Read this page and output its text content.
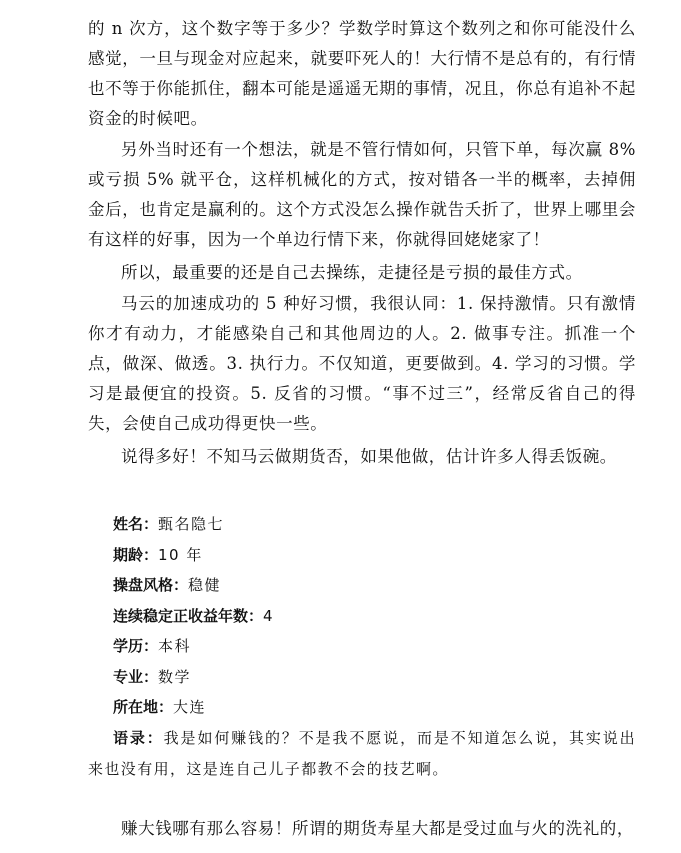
的 n 次方，这个数字等于多少？学数学时算这个数列之和你可能没什么感觉，一旦与现金对应起来，就要吓死人的！大行情不是总有的，有行情也不等于你能抓住，翻本可能是遥遥无期的事情，况且，你总有追补不起资金的时候吧。

另外当时还有一个想法，就是不管行情如何，只管下单，每次赢 8% 或亏损 5% 就平仓，这样机械化的方式，按对错各一半的概率，去掉佣金后，也肯定是赢利的。这个方式没怎么操作就告夭折了，世界上哪里会有这样的好事，因为一个单边行情下来，你就得回姥姥家了！

所以，最重要的还是自己去操练，走捷径是亏损的最佳方式。

马云的加速成功的 5 种好习惯，我很认同：1. 保持激情。只有激情你才有动力，才能感染自己和其他周边的人。2. 做事专注。抓准一个点，做深、做透。3. 执行力。不仅知道，更要做到。4. 学习的习惯。学习是最便宜的投资。5. 反省的习惯。“事不过三”，经常反省自己的得失，会使自己成功得更快一些。

说得多好！不知马云做期货否，如果他做，估计许多人得丢饭碗。

姓名：甄名隐七
期龄：10 年
操盘风格：稳健
连续稳定正收益年数：4
学历：本科
专业：数学
所在地：大连

语录：我是如何赚钱的？不是我不愿说，而是不知道怎么说，其实说出来也没有用，这是连自己儿子都教不会的技艺啊。

赚大钱哪有那么容易！所谓的期货寿星大都是受过血与火的洗礼的，
